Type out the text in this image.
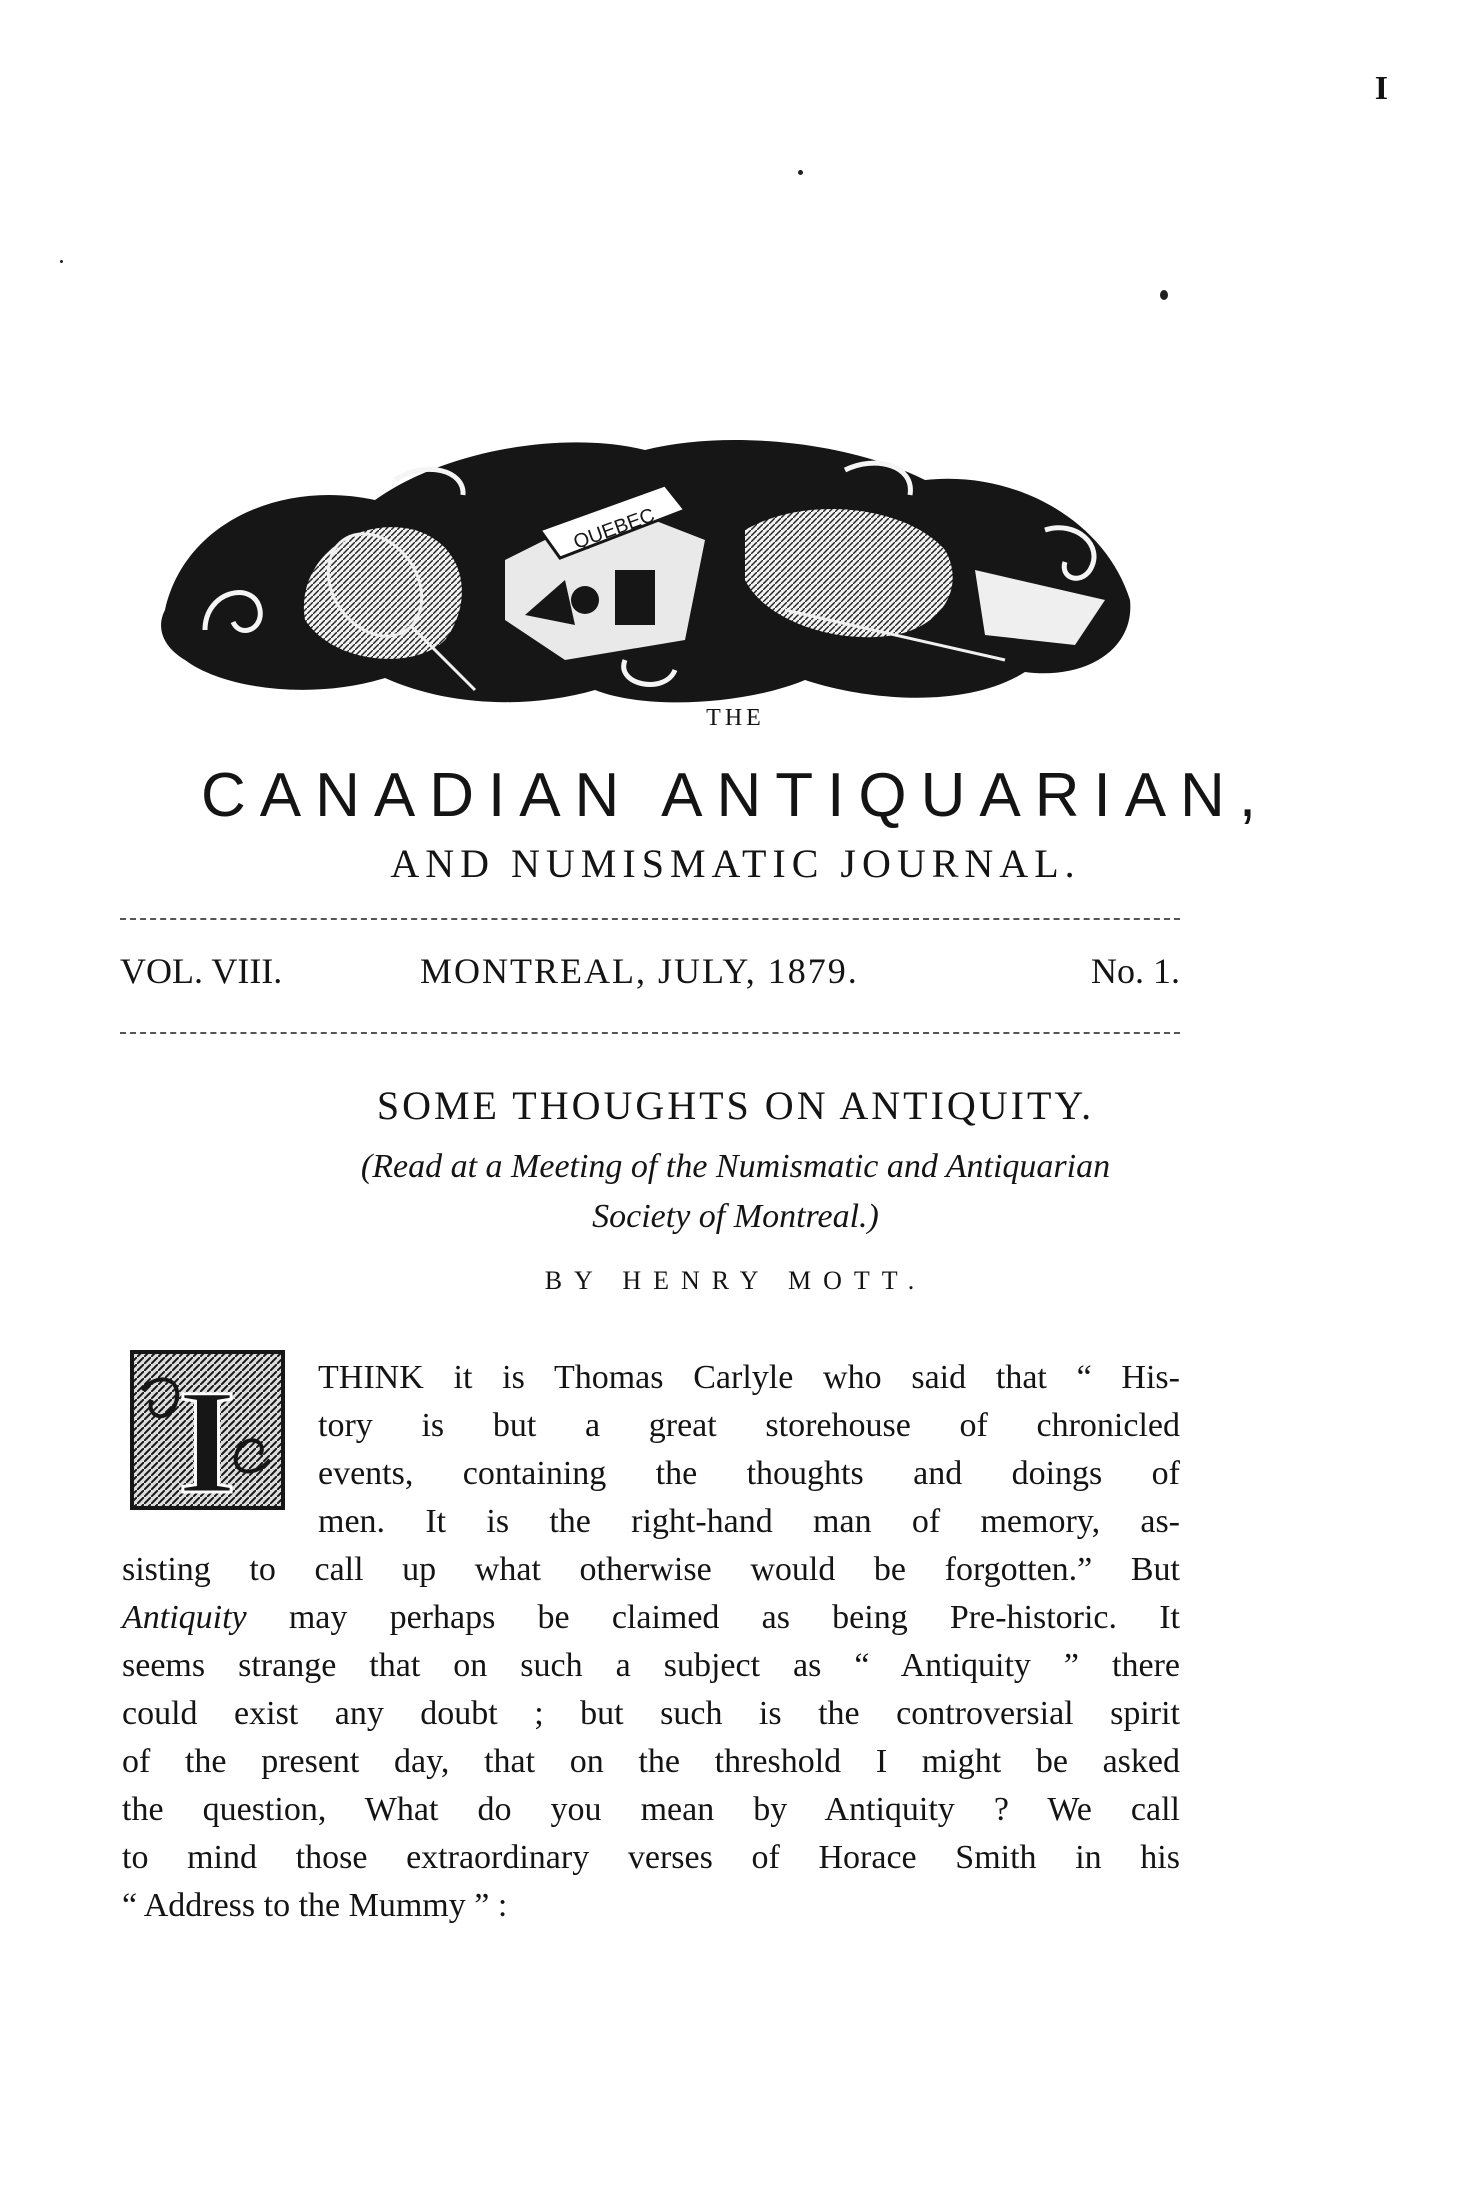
I
QUEBEC
THE
CANADIAN ANTIQUARIAN,
AND NUMISMATIC JOURNAL.
VOL. VIII.	MONTREAL, JULY, 1879.	No. 1.
SOME THOUGHTS ON ANTIQUITY.
(Read at a Meeting of the Numismatic and Antiquarian
Society of Montreal.)
BY HENRY MOTT.
I THINK it is Thomas Carlyle who said that “ His-
tory is but a great storehouse of chronicled
events, containing the thoughts and doings of
men. It is the right-hand man of memory, as-
sisting to call up what otherwise would be forgotten.” But
Antiquity may perhaps be claimed as being Pre-historic. It
seems strange that on such a subject as “ Antiquity ” there
could exist any doubt ; but such is the controversial spirit
of the present day, that on the threshold I might be asked
the question, What do you mean by Antiquity ? We call
to mind those extraordinary verses of Horace Smith in his
“ Address to the Mummy ” :
